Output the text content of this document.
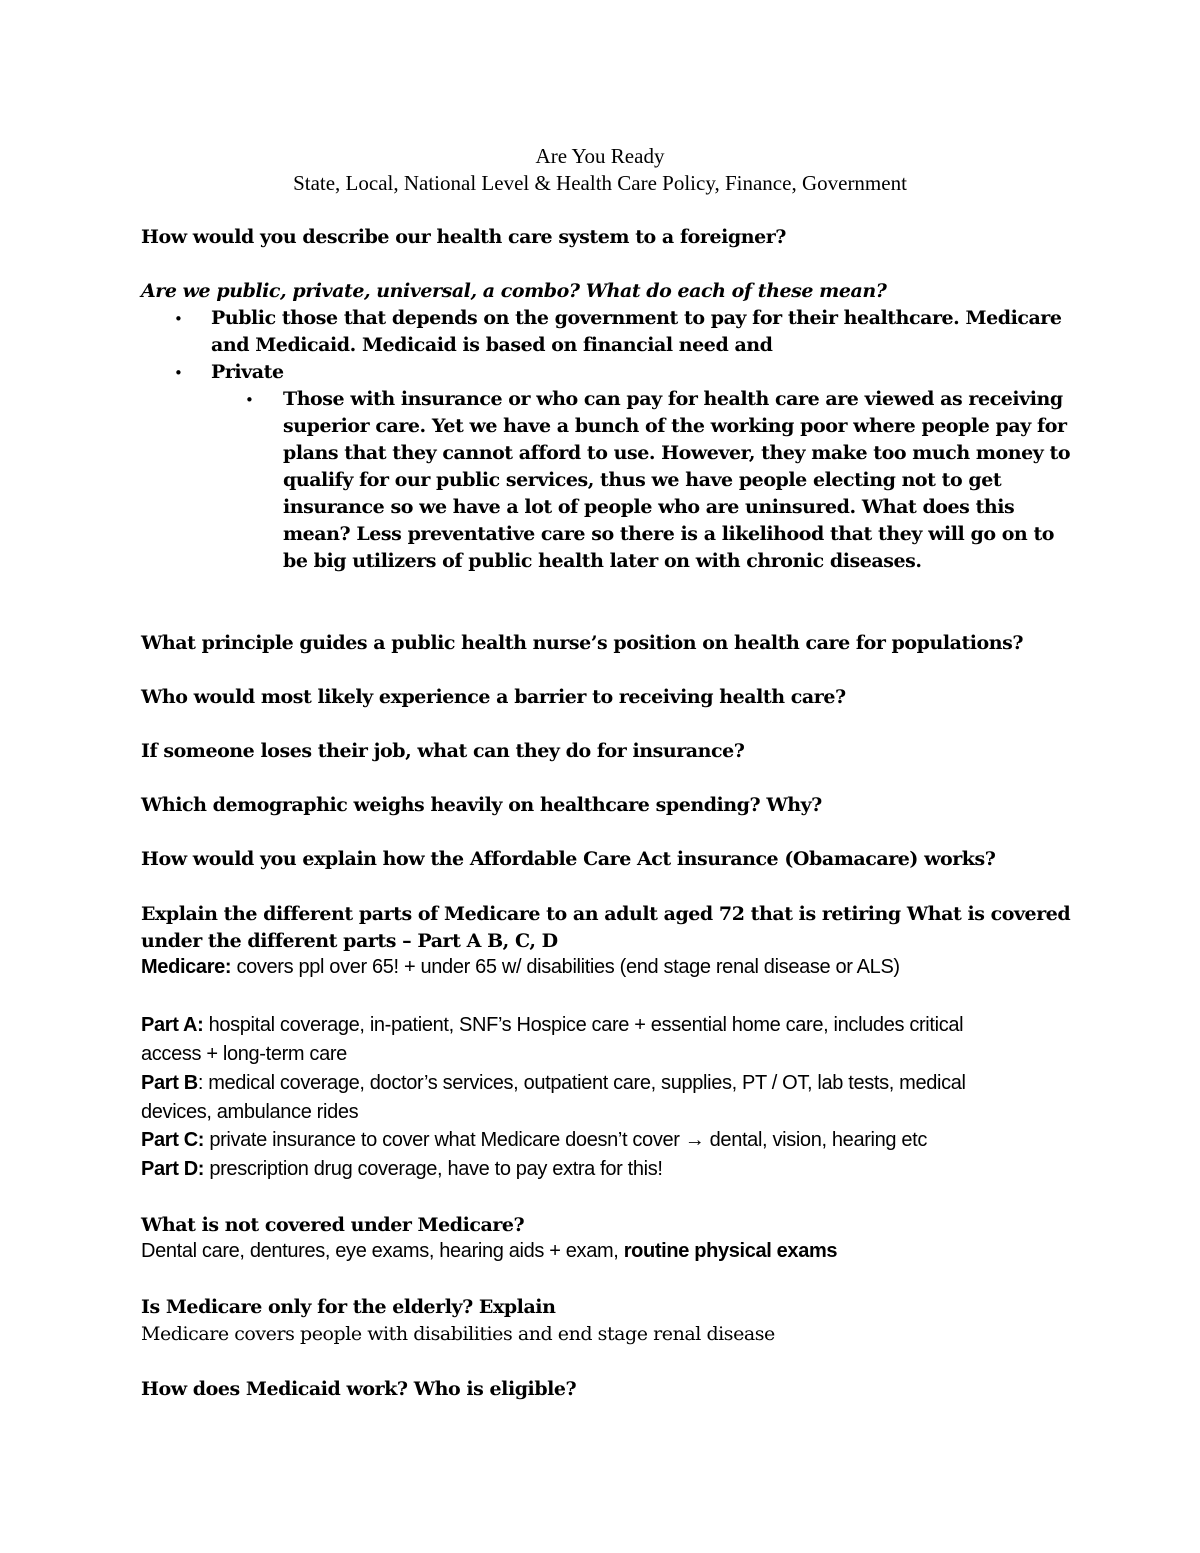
Are You Ready
State, Local, National Level & Health Care Policy, Finance, Government
How would you describe our health care system to a foreigner?
Are we public, private, universal, a combo? What do each of these mean?
• Public those that depends on the government to pay for their healthcare. Medicare
and Medicaid. Medicaid is based on financial need and
• Private
• Those with insurance or who can pay for health care are viewed as receiving
superior care. Yet we have a bunch of the working poor where people pay for
plans that they cannot afford to use. However, they make too much money to
qualify for our public services, thus we have people electing not to get
insurance so we have a lot of people who are uninsured. What does this
mean? Less preventative care so there is a likelihood that they will go on to
be big utilizers of public health later on with chronic diseases.
What principle guides a public health nurse’s position on health care for populations?
Who would most likely experience a barrier to receiving health care?
If someone loses their job, what can they do for insurance?
Which demographic weighs heavily on healthcare spending? Why?
How would you explain how the Affordable Care Act insurance (Obamacare) works?
Explain the different parts of Medicare to an adult aged 72 that is retiring What is covered
under the different parts – Part A B, C, D
Medicare: covers ppl over 65! + under 65 w/ disabilities (end stage renal disease or ALS)
Part A: hospital coverage, in-patient, SNF’s Hospice care + essential home care, includes critical
access + long-term care
Part B: medical coverage, doctor’s services, outpatient care, supplies, PT / OT, lab tests, medical
devices, ambulance rides
Part C: private insurance to cover what Medicare doesn’t cover → dental, vision, hearing etc
Part D: prescription drug coverage, have to pay extra for this!
What is not covered under Medicare?
Dental care, dentures, eye exams, hearing aids + exam, routine physical exams
Is Medicare only for the elderly? Explain
Medicare covers people with disabilities and end stage renal disease
How does Medicaid work? Who is eligible?
